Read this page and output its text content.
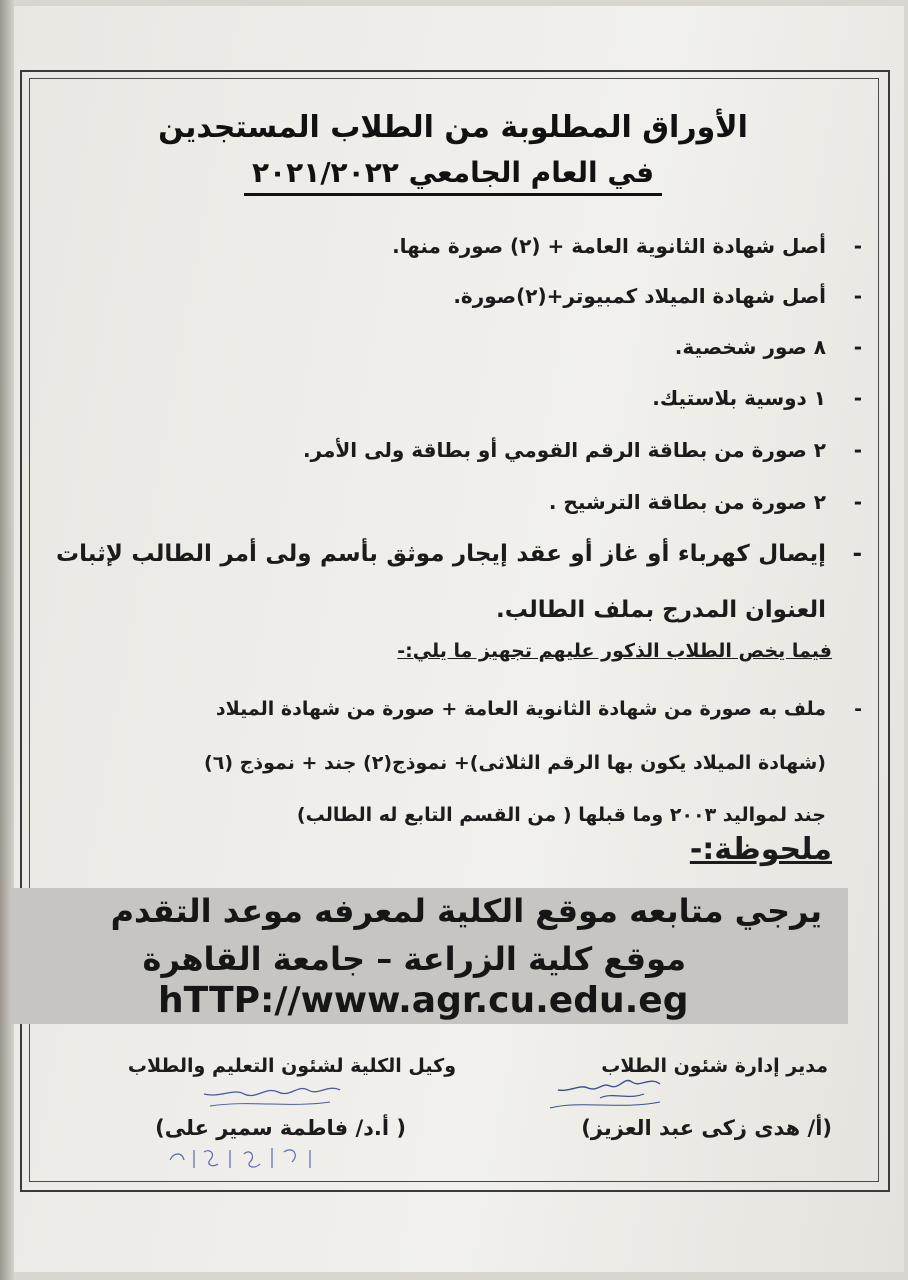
الأوراق المطلوبة من الطلاب المستجدين
في العام الجامعي ٢٠٢١/٢٠٢٢
-
أصل شهادة الثانوية العامة + (٢) صورة منها.
-
أصل شهادة الميلاد كمبيوتر+(٢)صورة.
-
٨ صور شخصية.
-
١ دوسية بلاستيك.
-
٢ صورة من بطاقة الرقم القومي أو بطاقة ولى الأمر.
-
٢ صورة من بطاقة الترشيح .
-
إيصال كهرباء أو غاز أو عقد إيجار موثق بأسم ولى أمر الطالب لإثبات العنوان المدرج بملف الطالب.
فيما يخص الطلاب الذكور عليهم تجهيز ما يلي:-
-
ملف به صورة من شهادة الثانوية العامة + صورة من شهادة الميلاد
(شهادة الميلاد يكون بها الرقم الثلاثى)+ نموذج(٢) جند + نموذج (٦)
جند لمواليد ٢٠٠٣ وما قبلها ( من القسم التابع له الطالب)
ملحوظة:-
يرجي متابعه موقع الكلية لمعرفه موعد التقدم
موقع كلية الزراعة – جامعة القاهرة
hTTP://www.agr.cu.edu.eg
مدير إدارة شئون الطلاب
(أ/ هدى زكى عبد العزيز)
وكيل الكلية لشئون التعليم والطلاب
( أ.د/ فاطمة سمير على)
